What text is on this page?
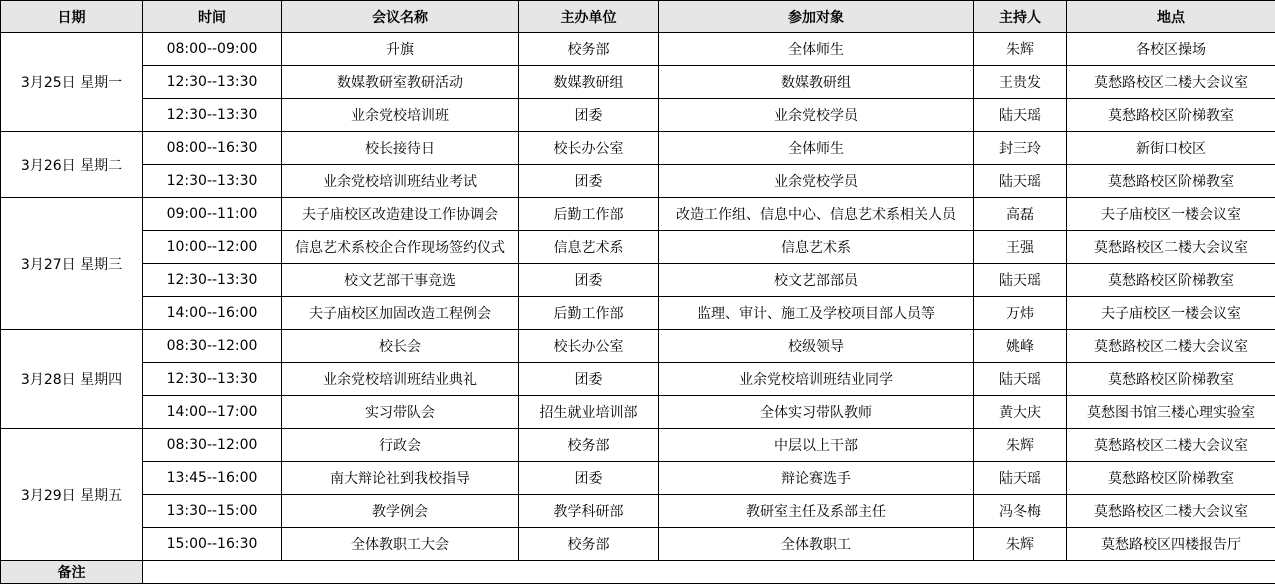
日期	时间	会议名称	主办单位	参加对象	主持人	地点
3月25日 星期一	08:00--09:00	升旗	校务部	全体师生	朱辉	各校区操场
	12:30--13:30	数媒教研室教研活动	数媒教研组	数媒教研组	王贵发	莫愁路校区二楼大会议室
	12:30--13:30	业余党校培训班	团委	业余党校学员	陆天瑶	莫愁路校区阶梯教室
3月26日 星期二	08:00--16:30	校长接待日	校长办公室	全体师生	封三玲	新街口校区
	12:30--13:30	业余党校培训班结业考试	团委	业余党校学员	陆天瑶	莫愁路校区阶梯教室
3月27日 星期三	09:00--11:00	夫子庙校区改造建设工作协调会	后勤工作部	改造工作组、信息中心、信息艺术系相关人员	高磊	夫子庙校区一楼会议室
	10:00--12:00	信息艺术系校企合作现场签约仪式	信息艺术系	信息艺术系	王强	莫愁路校区二楼大会议室
	12:30--13:30	校文艺部干事竞选	团委	校文艺部部员	陆天瑶	莫愁路校区阶梯教室
	14:00--16:00	夫子庙校区加固改造工程例会	后勤工作部	监理、审计、施工及学校项目部人员等	万炜	夫子庙校区一楼会议室
3月28日 星期四	08:30--12:00	校长会	校长办公室	校级领导	姚峰	莫愁路校区二楼大会议室
	12:30--13:30	业余党校培训班结业典礼	团委	业余党校培训班结业同学	陆天瑶	莫愁路校区阶梯教室
	14:00--17:00	实习带队会	招生就业培训部	全体实习带队教师	黄大庆	莫愁图书馆三楼心理实验室
3月29日 星期五	08:30--12:00	行政会	校务部	中层以上干部	朱辉	莫愁路校区二楼大会议室
	13:45--16:00	南大辩论社到我校指导	团委	辩论赛选手	陆天瑶	莫愁路校区阶梯教室
	13:30--15:00	教学例会	教学科研部	教研室主任及系部主任	冯冬梅	莫愁路校区二楼大会议室
	15:00--16:30	全体教职工大会	校务部	全体教职工	朱辉	莫愁路校区四楼报告厅
备注						
